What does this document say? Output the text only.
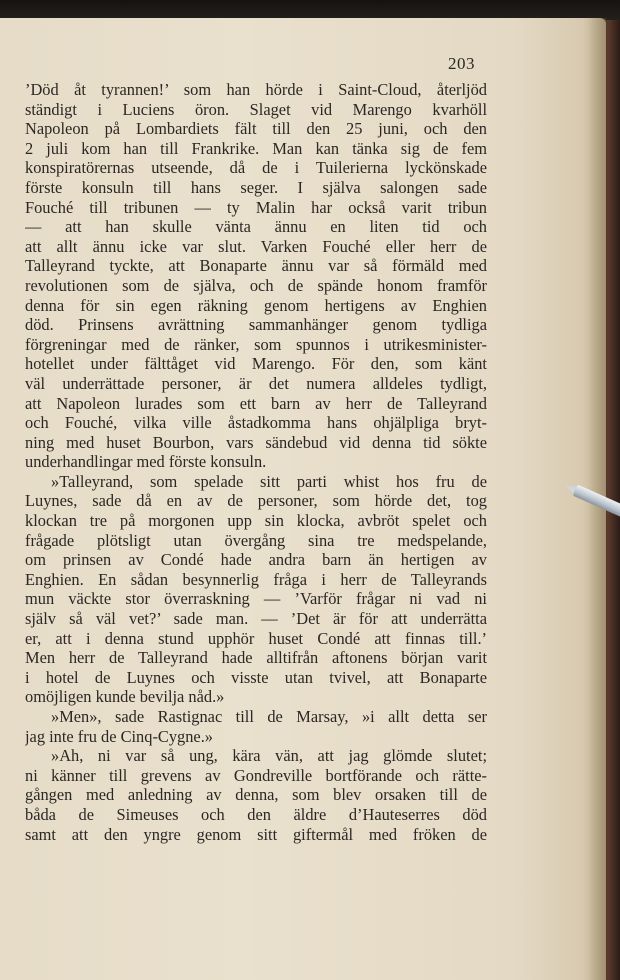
203
’Död åt tyrannen!’ som han hörde i Saint-Cloud, återljöd
ständigt i Luciens öron. Slaget vid Marengo kvarhöll
Napoleon på Lombardiets fält till den 25 juni, och den
2 juli kom han till Frankrike. Man kan tänka sig de fem
konspiratörernas utseende, då de i Tuilerierna lyckönskade
förste konsuln till hans seger. I själva salongen sade
Fouché till tribunen — ty Malin har också varit tribun
— att han skulle vänta ännu en liten tid och
att allt ännu icke var slut. Varken Fouché eller herr de
Talleyrand tyckte, att Bonaparte ännu var så förmäld med
revolutionen som de själva, och de spände honom framför
denna för sin egen räkning genom hertigens av Enghien
död. Prinsens avrättning sammanhänger genom tydliga
förgreningar med de ränker, som spunnos i utrikesminister-
hotellet under fälttåget vid Marengo. För den, som känt
väl underrättade personer, är det numera alldeles tydligt,
att Napoleon lurades som ett barn av herr de Talleyrand
och Fouché, vilka ville åstadkomma hans ohjälpliga bryt-
ning med huset Bourbon, vars sändebud vid denna tid sökte
underhandlingar med förste konsuln.
»Talleyrand, som spelade sitt parti whist hos fru de
Luynes, sade då en av de personer, som hörde det, tog
klockan tre på morgonen upp sin klocka, avbröt spelet och
frågade plötsligt utan övergång sina tre medspelande,
om prinsen av Condé hade andra barn än hertigen av
Enghien. En sådan besynnerlig fråga i herr de Talleyrands
mun väckte stor överraskning — ’Varför frågar ni vad ni
själv så väl vet?’ sade man. — ’Det är för att underrätta
er, att i denna stund upphör huset Condé att finnas till.’
Men herr de Talleyrand hade alltifrån aftonens början varit
i hotel de Luynes och visste utan tvivel, att Bonaparte
omöjligen kunde bevilja nåd.»
»Men», sade Rastignac till de Marsay, »i allt detta ser
jag inte fru de Cinq-Cygne.»
»Ah, ni var så ung, kära vän, att jag glömde slutet;
ni känner till grevens av Gondreville bortförande och rätte-
gången med anledning av denna, som blev orsaken till de
båda de Simeuses och den äldre d’Hauteserres död
samt att den yngre genom sitt giftermål med fröken de
